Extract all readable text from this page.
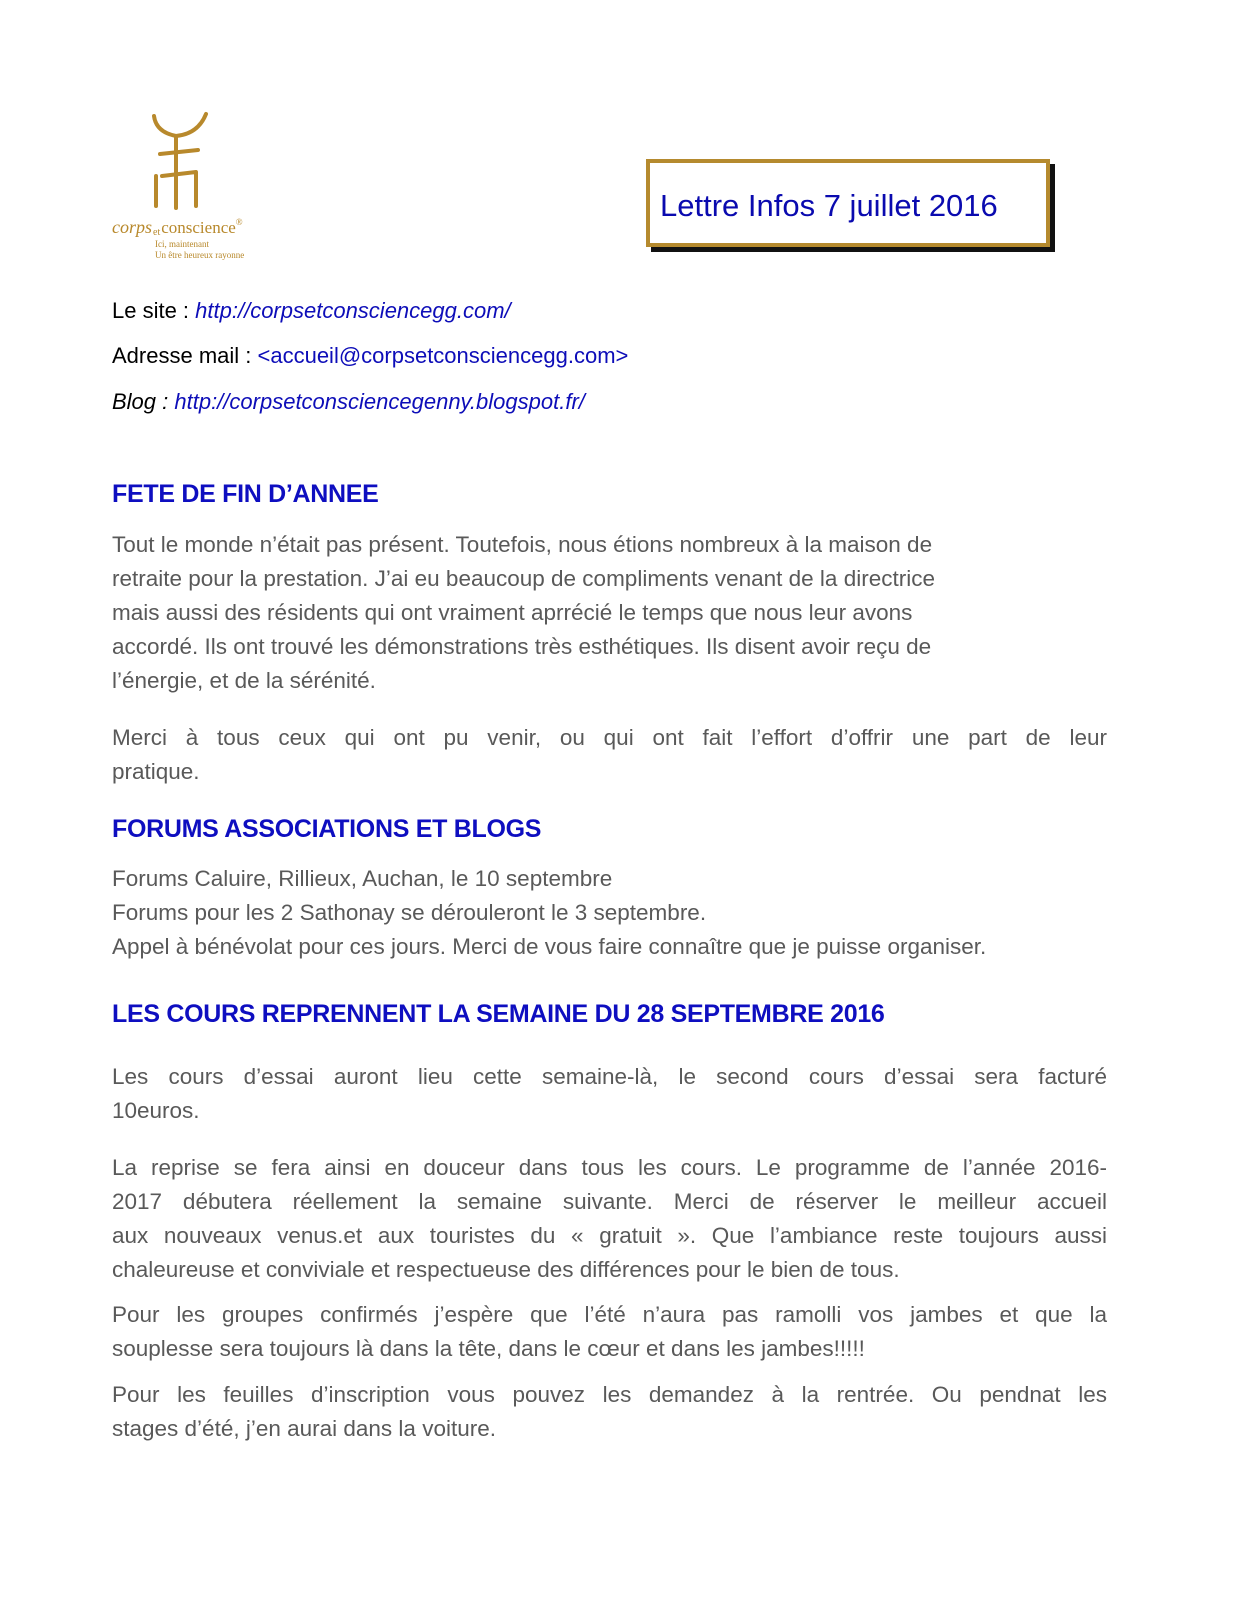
corpsetconscience®
Ici, maintenant
Un être heureux rayonne
Lettre Infos 7 juillet 2016
Le site : http://corpsetconsciencegg.com/
Adresse mail : <accueil@corpsetconsciencegg.com>
Blog : http://corpsetconsciencegenny.blogspot.fr/
FETE DE FIN D’ANNEE
Tout le monde n’était pas présent. Toutefois, nous étions nombreux à la maison de
retraite pour la prestation. J’ai eu beaucoup de compliments venant de la directrice
mais aussi des résidents qui ont vraiment aprrécié le temps que nous leur avons
accordé. Ils ont trouvé les démonstrations très esthétiques. Ils disent avoir reçu de
l’énergie, et de la sérénité.
Merci à tous ceux qui ont pu venir, ou qui ont fait l’effort d’offrir une part de leur
pratique.
FORUMS ASSOCIATIONS ET BLOGS
Forums Caluire, Rillieux, Auchan, le 10 septembre
Forums pour les 2 Sathonay se dérouleront le 3 septembre.
Appel à bénévolat pour ces jours. Merci de vous faire connaître que je puisse organiser.
LES COURS REPRENNENT LA SEMAINE DU 28 SEPTEMBRE 2016
Les cours d’essai auront lieu cette semaine-là, le second cours d’essai sera facturé
10euros.
La reprise se fera ainsi en douceur dans tous les cours. Le programme de l’année 2016-
2017 débutera réellement la semaine suivante. Merci de réserver le meilleur accueil
aux nouveaux venus.et aux touristes du « gratuit ». Que l’ambiance reste toujours aussi
chaleureuse et conviviale et respectueuse des différences pour le bien de tous.
Pour les groupes confirmés j’espère que l’été n’aura pas ramolli vos jambes et que la
souplesse sera toujours là dans la tête, dans le cœur et dans les jambes!!!!!
Pour les feuilles d’inscription vous pouvez les demandez à la rentrée. Ou pendnat les
stages d’été, j’en aurai dans la voiture.
